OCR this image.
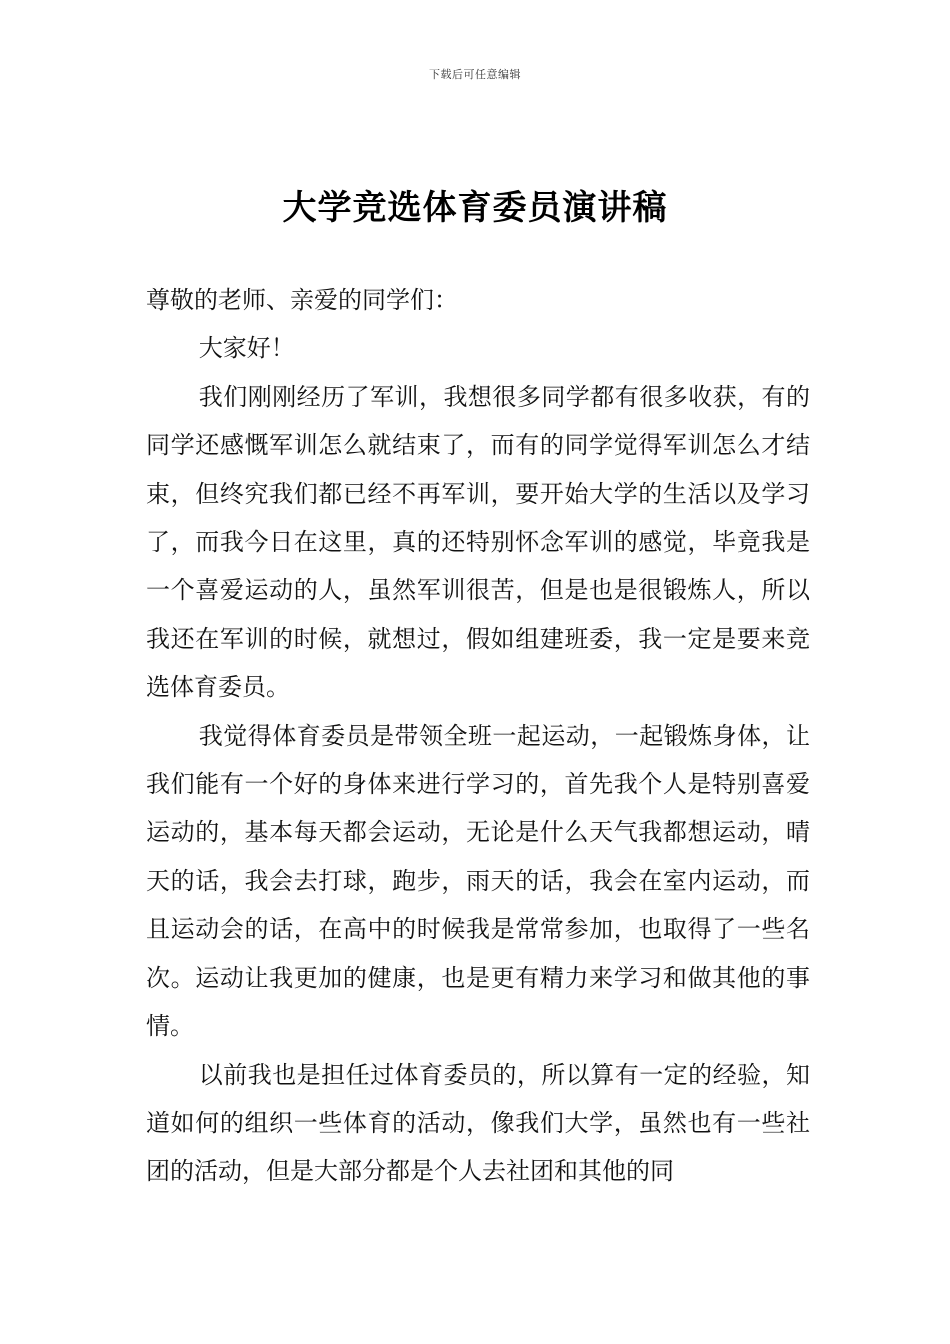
下载后可任意编辑
大学竞选体育委员演讲稿

尊敬的老师、亲爱的同学们：

大家好！

我们刚刚经历了军训，我想很多同学都有很多收获，有的同学还感慨军训怎么就结束了，而有的同学觉得军训怎么才结束，但终究我们都已经不再军训，要开始大学的生活以及学习了，而我今日在这里，真的还特别怀念军训的感觉，毕竟我是一个喜爱运动的人，虽然军训很苦，但是也是很锻炼人，所以我还在军训的时候，就想过，假如组建班委，我一定是要来竞选体育委员。

我觉得体育委员是带领全班一起运动，一起锻炼身体，让我们能有一个好的身体来进行学习的，首先我个人是特别喜爱运动的，基本每天都会运动，无论是什么天气我都想运动，晴天的话，我会去打球，跑步，雨天的话，我会在室内运动，而且运动会的话，在高中的时候我是常常参加，也取得了一些名次。运动让我更加的健康，也是更有精力来学习和做其他的事情。

以前我也是担任过体育委员的，所以算有一定的经验，知道如何的组织一些体育的活动，像我们大学，虽然也有一些社团的活动，但是大部分都是个人去社团和其他的同
